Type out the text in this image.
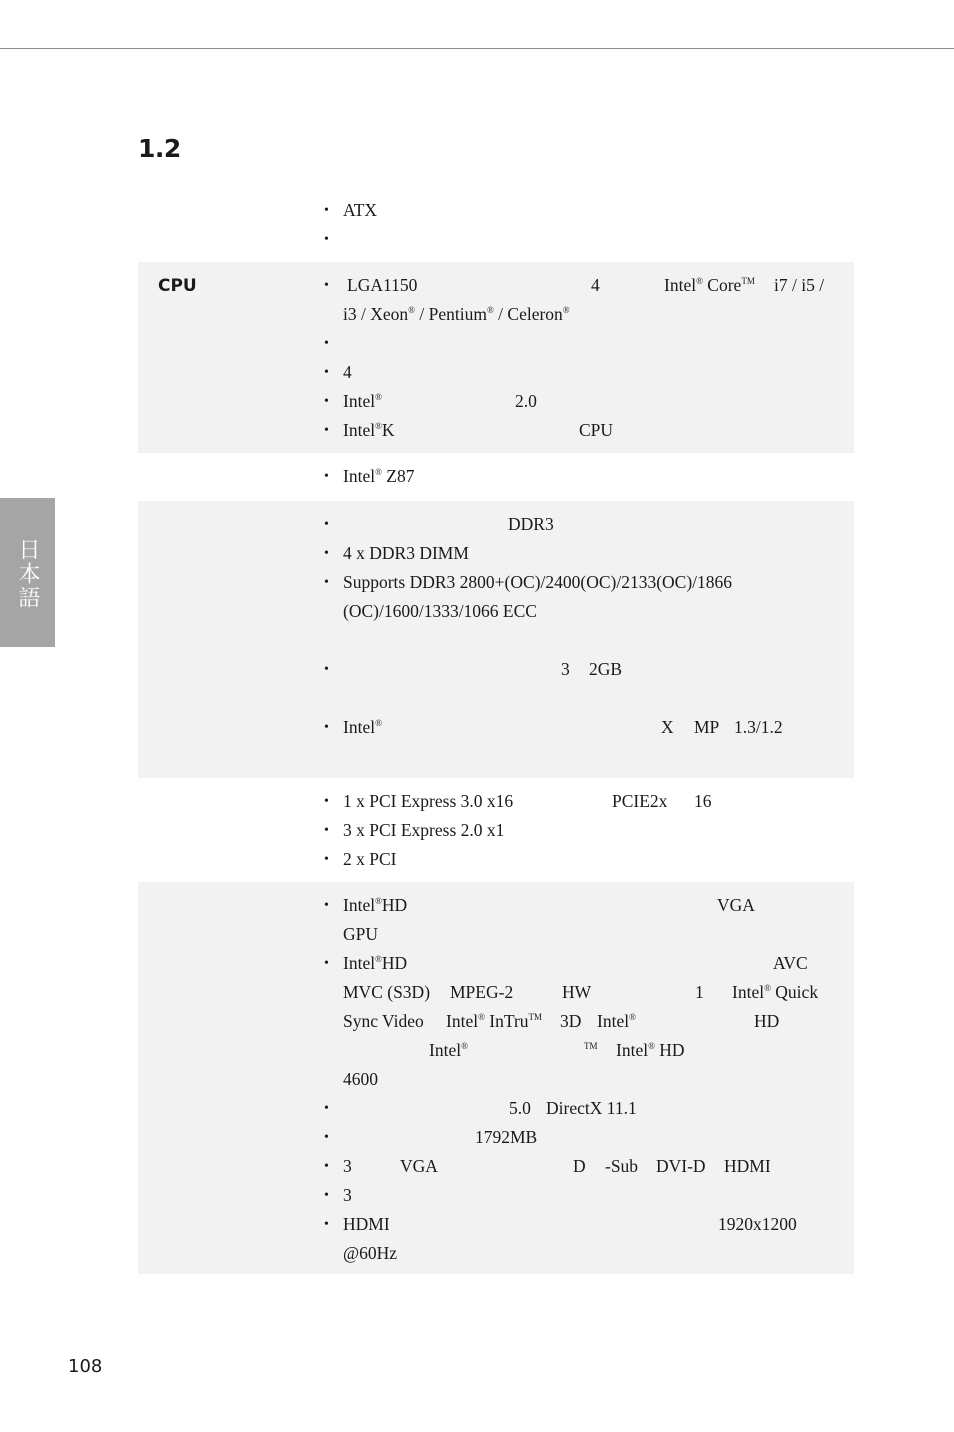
1.2
日本語
• ATX
CPU	LGA1150	4	Intel® Core™ i7 / i5 /
i3 / Xeon® / Pentium® / Celeron®
• 4
• Intel®	2.0
• Intel®K	CPU
• Intel® Z87
DDR3
• 4 x DDR3 DIMM
• Supports DDR3 2800+(OC)/2400(OC)/2133(OC)/1866
(OC)/1600/1333/1066 ECC
3 2GB
• Intel®	X MP 1.3/1.2
• 1 x PCI Express 3.0 x16	PCIE2x 16
• 3 x PCI Express 2.0 x1
• 2 x PCI
• Intel®HD	VGA
GPU
• Intel®HD	AVC
MVC (S3D) MPEG-2	HW	1 Intel® Quick
Sync Video Intel® InTru™ 3D Intel®	HD
Intel®	™ Intel® HD
4600
5.0 DirectX 11.1
1792MB
• 3	VGA	D -Sub DVI-D HDMI
• 3
• HDMI	1920x1200
@60Hz
108
